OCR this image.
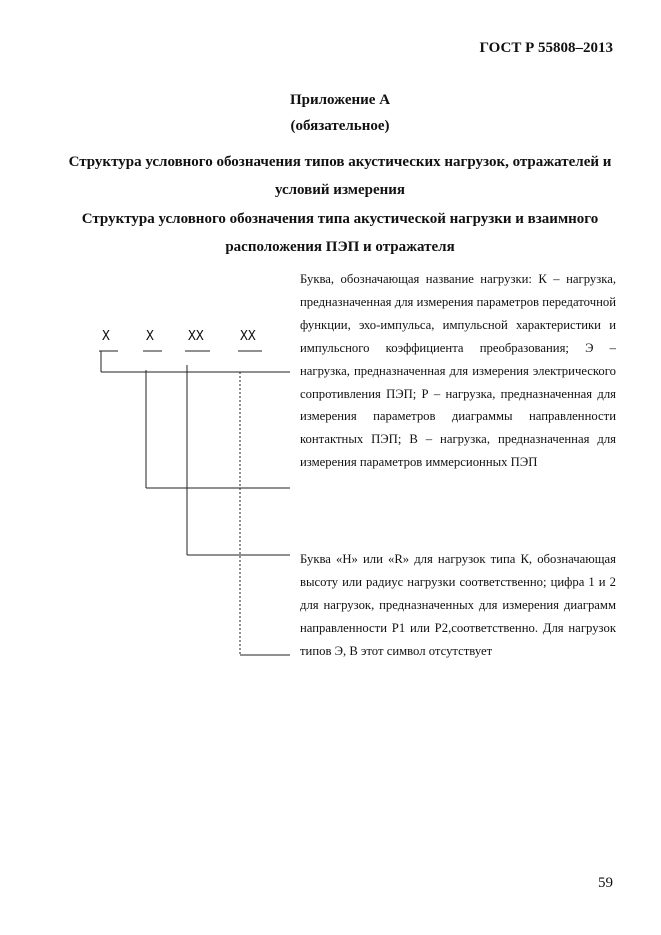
ГОСТ Р 55808–2013
Приложение А
(обязательное)
Структура условного обозначения типов акустических нагрузок, отражателей и условий измерения
Структура условного обозначения типа акустической нагрузки и взаимного расположения ПЭП и отражателя
Х	Х	ХХ	ХХ
Буква, обозначающая название нагрузки: К – нагрузка, предназначенная для измерения параметров передаточной функции, эхо-импульса, импульсной характеристики и импульсного коэффициента преобразования; Э – нагрузка, предназначенная для измерения электрического сопротивления ПЭП; Р – нагрузка, предназначенная для измерения параметров диаграммы направленности контактных ПЭП; В – нагрузка, предназначенная для измерения параметров иммерсионных ПЭП
Буква «Н» или «R» для нагрузок типа К, обозначающая высоту или радиус нагрузки соответственно; цифра 1 и 2 для нагрузок, предназначенных для измерения диаграмм направленности Р1 или Р2,соответственно. Для нагрузок типов Э, В этот символ отсутствует
59
